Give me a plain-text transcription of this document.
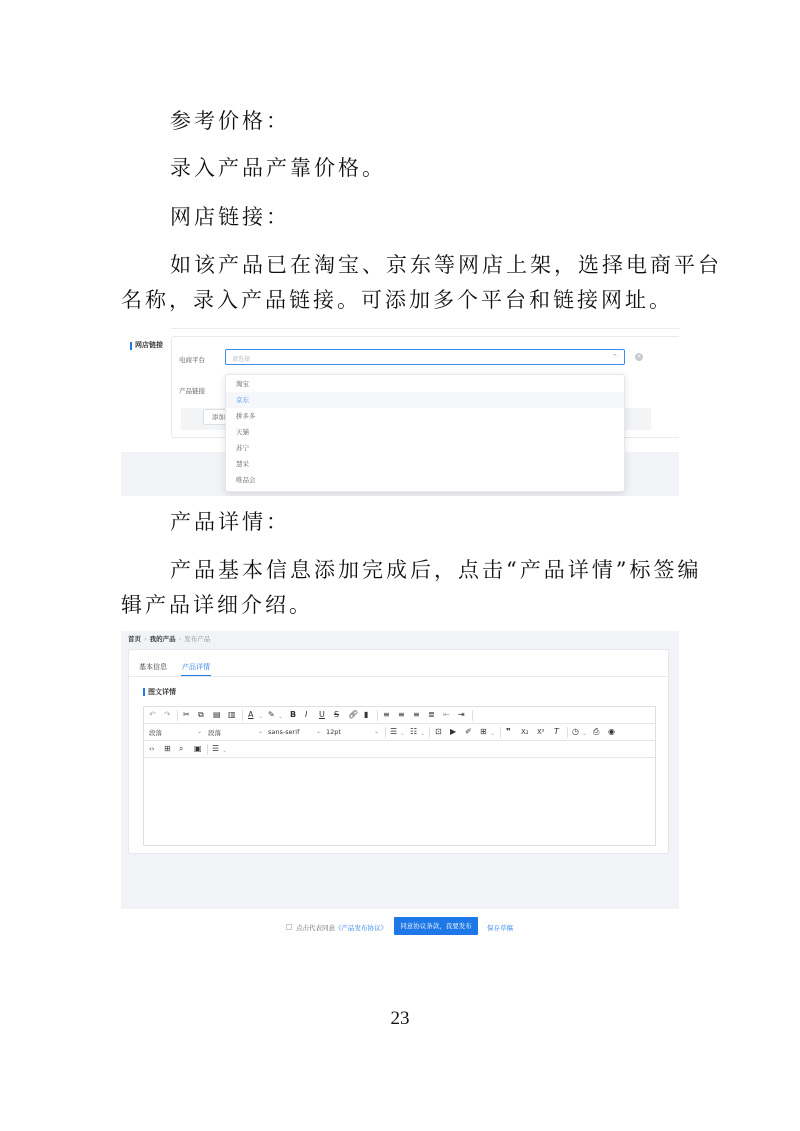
参考价格：
录入产品产靠价格。
网店链接：
如该产品已在淘宝、京东等网店上架，选择电商平台
名称，录入产品链接。可添加多个平台和链接网址。
网店链接
电商平台	请选择	⌃	×
产品链接
添加
淘宝
京东
拼多多
天猫
苏宁
慧采
唯品会
产品详情：
产品基本信息添加完成后，点击“产品详情”标签编
辑产品详细介绍。
首页 › 我的产品 › 发布产品
基本信息 产品详情
图文详情
↶ ↷ ✂ ⧉ ▤ ▥ A ⌄ ✎ ⌄ B I U S 🔗︎ ▮ ≡ ≡ ≡ ≣ ⇤ ⇥
段落	⌄ 段落	⌄ sans-serif	⌄ 12pt	⌄ ☰ ⌄ ☷ ⌄ ⊡ ▶ ✐ ⊞ ⌄ ❞ X₂ X² T ◷ ⌄ ⎙ ◉
‹› ⊞ ⌕ ▣ ☰ ⌄
点击代表同意《产品发布协议》	同意协议条款，我要发布	保存草稿
23
